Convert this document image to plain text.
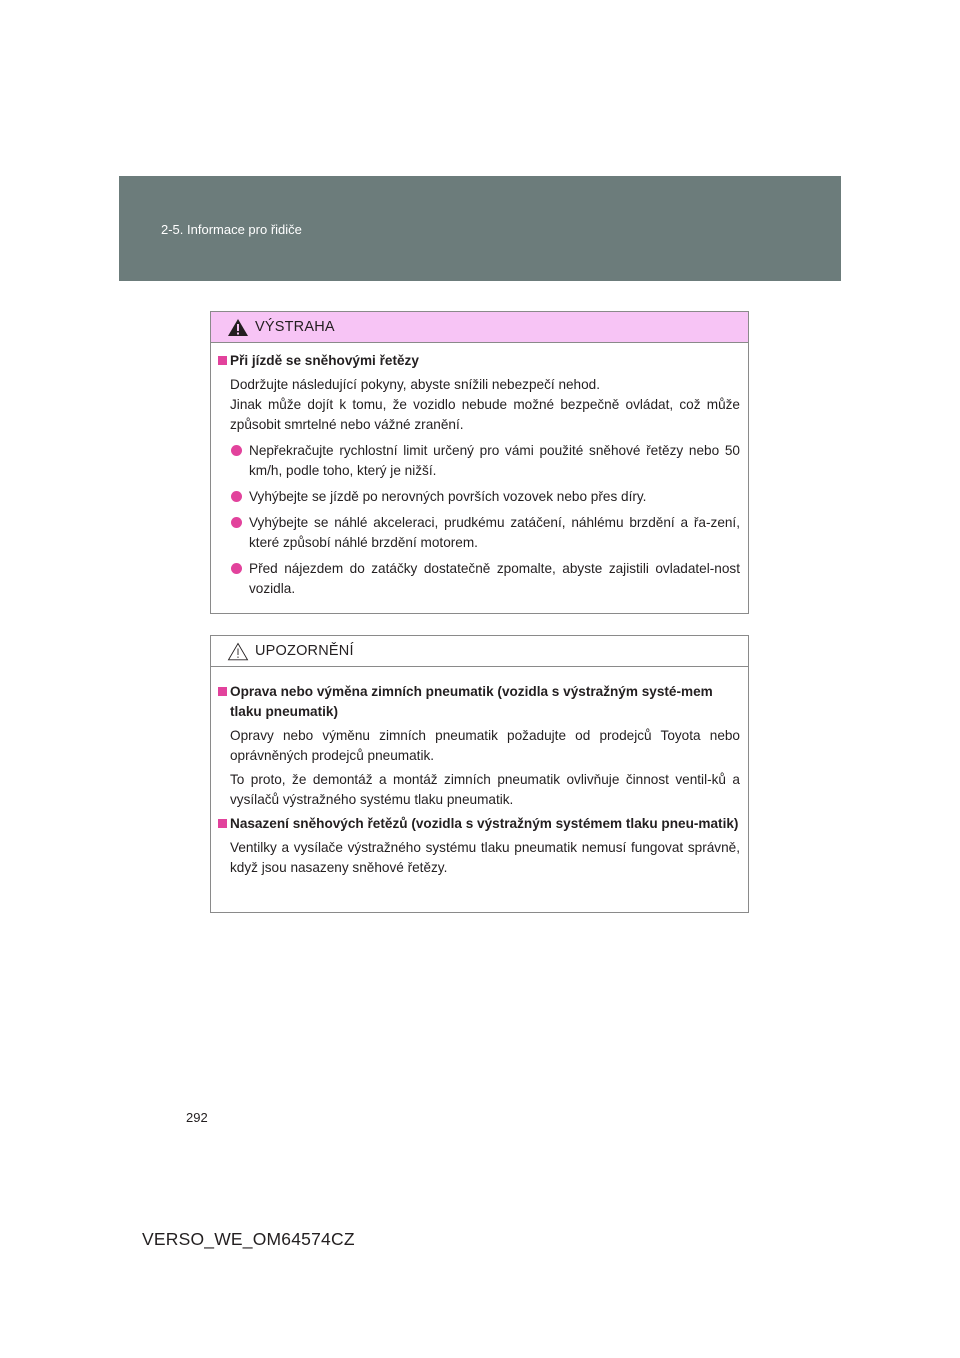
2-5. Informace pro řidiče
VÝSTRAHA
Při jízdě se sněhovými řetězy
Dodržujte následující pokyny, abyste snížili nebezpečí nehod.
Jinak může dojít k tomu, že vozidlo nebude možné bezpečně ovládat, což může způsobit smrtelné nebo vážné zranění.
Nepřekračujte rychlostní limit určený pro vámi použité sněhové řetězy nebo 50 km/h, podle toho, který je nižší.
Vyhýbejte se jízdě po nerovných površích vozovek nebo přes díry.
Vyhýbejte se náhlé akceleraci, prudkému zatáčení, náhlému brzdění a řa-zení, které způsobí náhlé brzdění motorem.
Před nájezdem do zatáčky dostatečně zpomalte, abyste zajistili ovladatel-nost vozidla.
UPOZORNĚNÍ
Oprava nebo výměna zimních pneumatik (vozidla s výstražným systé-mem tlaku pneumatik)
Opravy nebo výměnu zimních pneumatik požadujte od prodejců Toyota nebo oprávněných prodejců pneumatik.
To proto, že demontáž a montáž zimních pneumatik ovlivňuje činnost ventil-ků a vysílačů výstražného systému tlaku pneumatik.
Nasazení sněhových řetězů (vozidla s výstražným systémem tlaku pneu-matik)
Ventilky a vysílače výstražného systému tlaku pneumatik nemusí fungovat správně, když jsou nasazeny sněhové řetězy.
292
VERSO_WE_OM64574CZ
